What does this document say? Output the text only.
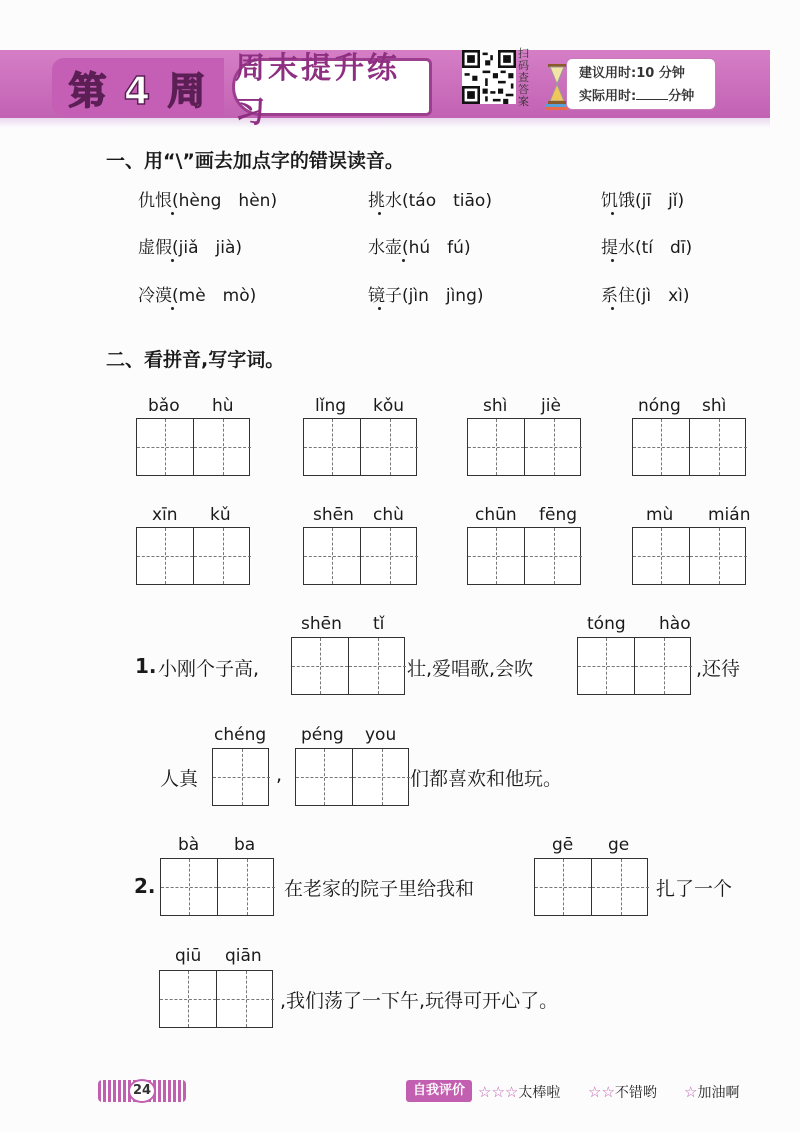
第 4 周 周末提升练习
扫码查答案
建议用时:10 分钟
实际用时: 分钟
一、用“\”画去加点字的错误读音。
仇恨(hèng　hèn)	挑水(táo　tiāo)	饥饿(jī　jǐ)
虚假(jiǎ　jià)	水壶(hú　fú)	提水(tí　dī)
冷漠(mè　mò)	镜子(jìn　jìng)	系住(jì　xì)
二、看拼音,写字词。
bǎo hù	lǐng kǒu	shì jiè	nóng shì
xīn kǔ	shēn chù	chūn fēng	mù mián
shēn tǐ	tóng hào
chéng péng you
bà ba	gē ge
qiū qiān
1. 小刚个子高,	壮,爱唱歌,会吹	,还待
人真	,	们都喜欢和他玩。
2.	在老家的院子里给我和	扎了一个
,我们荡了一下午,玩得可开心了。
24	自我评价 ☆☆☆太棒啦 ☆☆不错哟 ☆加油啊
